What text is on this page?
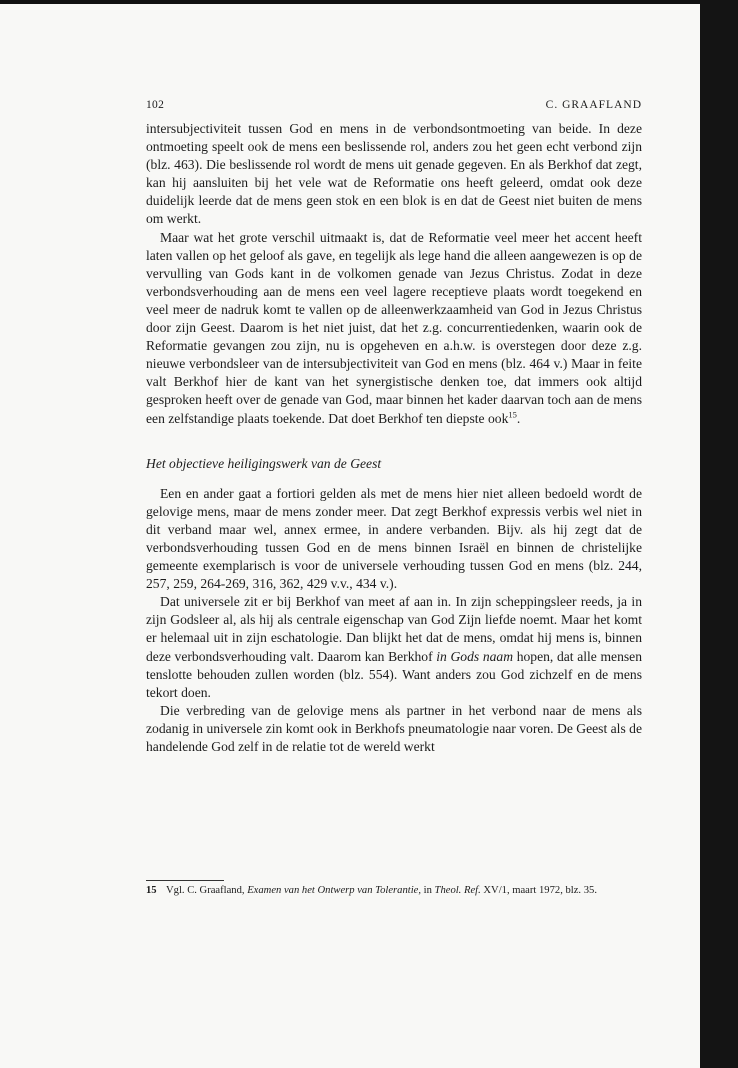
102	C. GRAAFLAND

intersubjectiviteit tussen God en mens in de verbondsontmoeting van beide. In deze ontmoeting speelt ook de mens een beslissende rol, anders zou het geen echt verbond zijn (blz. 463). Die beslissende rol wordt de mens uit genade gegeven. En als Berkhof dat zegt, kan hij aansluiten bij het vele wat de Reformatie ons heeft geleerd, omdat ook deze duidelijk leerde dat de mens geen stok en een blok is en dat de Geest niet buiten de mens om werkt.

Maar wat het grote verschil uitmaakt is, dat de Reformatie veel meer het accent heeft laten vallen op het geloof als gave, en tegelijk als lege hand die alleen aangewezen is op de vervulling van Gods kant in de volkomen genade van Jezus Christus. Zodat in deze verbondsverhouding aan de mens een veel lagere receptieve plaats wordt toegekend en veel meer de nadruk komt te vallen op de alleenwerkzaamheid van God in Jezus Christus door zijn Geest. Daarom is het niet juist, dat het z.g. concurrentiedenken, waarin ook de Reformatie gevangen zou zijn, nu is opgeheven en a.h.w. is overstegen door deze z.g. nieuwe verbondsleer van de intersubjectiviteit van God en mens (blz. 464 v.) Maar in feite valt Berkhof hier de kant van het synergistische denken toe, dat immers ook altijd gesproken heeft over de genade van God, maar binnen het kader daarvan toch aan de mens een zelfstandige plaats toekende. Dat doet Berkhof ten diepste ook$^{15}$.

Het objectieve heiligingswerk van de Geest

Een en ander gaat a fortiori gelden als met de mens hier niet alleen bedoeld wordt de gelovige mens, maar de mens zonder meer. Dat zegt Berkhof expressis verbis wel niet in dit verband maar wel, annex ermee, in andere verbanden. Bijv. als hij zegt dat de verbondsverhouding tussen God en de mens binnen Israël en binnen de christelijke gemeente exemplarisch is voor de universele verhouding tussen God en mens (blz. 244, 257, 259, 264-269, 316, 362, 429 v.v., 434 v.).

Dat universele zit er bij Berkhof van meet af aan in. In zijn scheppingsleer reeds, ja in zijn Godsleer al, als hij als centrale eigenschap van God Zijn liefde noemt. Maar het komt er helemaal uit in zijn eschatologie. Dan blijkt het dat de mens, omdat hij mens is, binnen deze verbondsverhouding valt. Daarom kan Berkhof in Gods naam hopen, dat alle mensen tenslotte behouden zullen worden (blz. 554). Want anders zou God zichzelf en de mens tekort doen.

Die verbreding van de gelovige mens als partner in het verbond naar de mens als zodanig in universele zin komt ook in Berkhofs pneumatologie naar voren. De Geest als de handelende God zelf in de relatie tot de wereld werkt

15 Vgl. C. Graafland, Examen van het Ontwerp van Tolerantie, in Theol. Ref. XV/1, maart 1972, blz. 35.
